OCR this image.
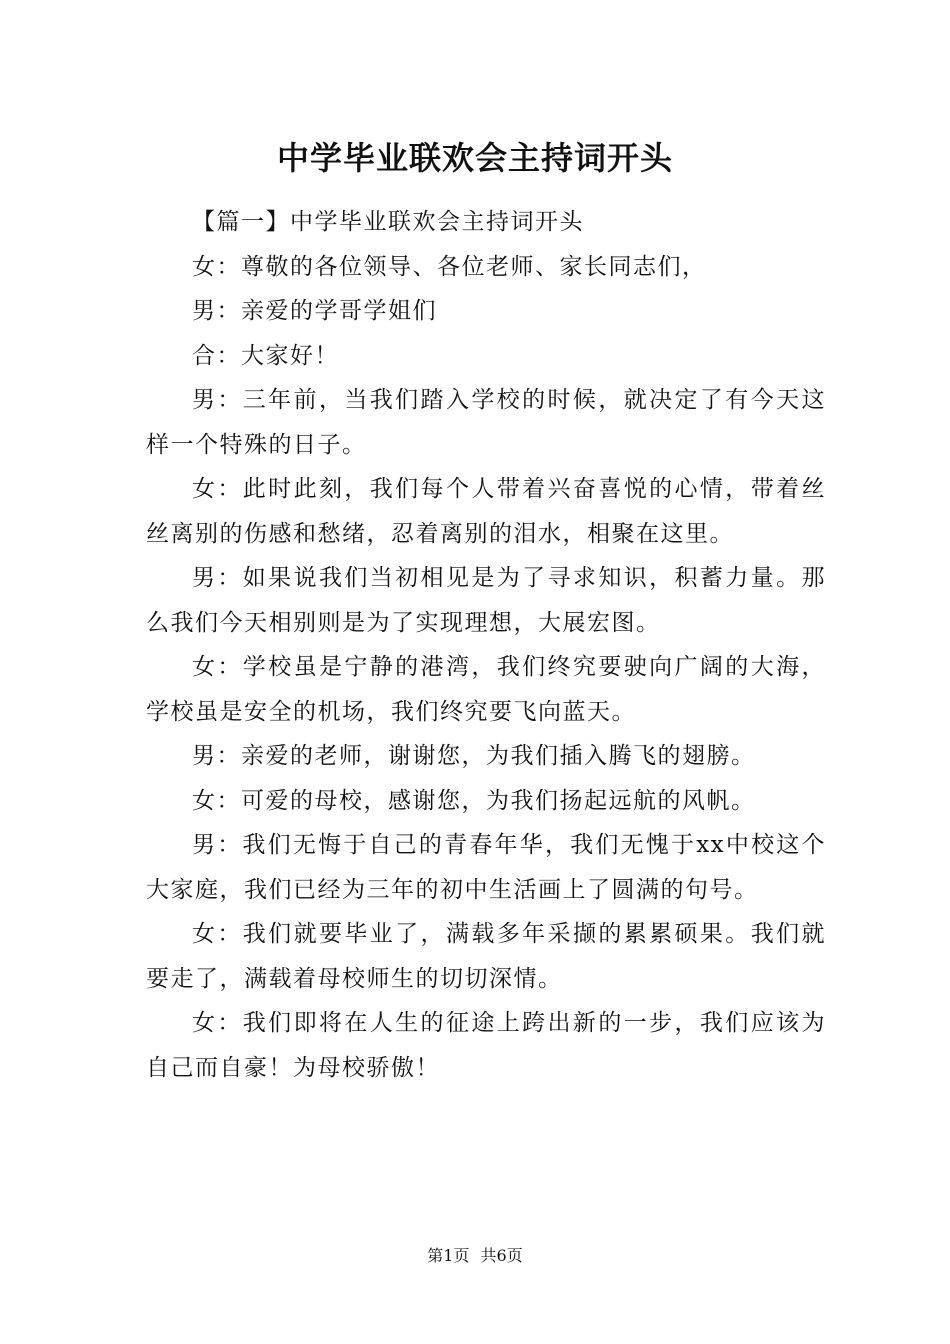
中学毕业联欢会主持词开头

【篇一】中学毕业联欢会主持词开头

女：尊敬的各位领导、各位老师、家长同志们，

男：亲爱的学哥学姐们

合：大家好！

男：三年前，当我们踏入学校的时候，就决定了有今天这样一个特殊的日子。

女：此时此刻，我们每个人带着兴奋喜悦的心情，带着丝丝离别的伤感和愁绪，忍着离别的泪水，相聚在这里。

男：如果说我们当初相见是为了寻求知识，积蓄力量。那么我们今天相别则是为了实现理想，大展宏图。

女：学校虽是宁静的港湾，我们终究要驶向广阔的大海，学校虽是安全的机场，我们终究要飞向蓝天。

男：亲爱的老师，谢谢您，为我们插入腾飞的翅膀。

女：可爱的母校，感谢您，为我们扬起远航的风帆。

男：我们无悔于自己的青春年华，我们无愧于xx中校这个大家庭，我们已经为三年的初中生活画上了圆满的句号。

女：我们就要毕业了，满载多年采撷的累累硕果。我们就要走了，满载着母校师生的切切深情。

女：我们即将在人生的征途上跨出新的一步，我们应该为自己而自豪！为母校骄傲！

第1页 共6页
